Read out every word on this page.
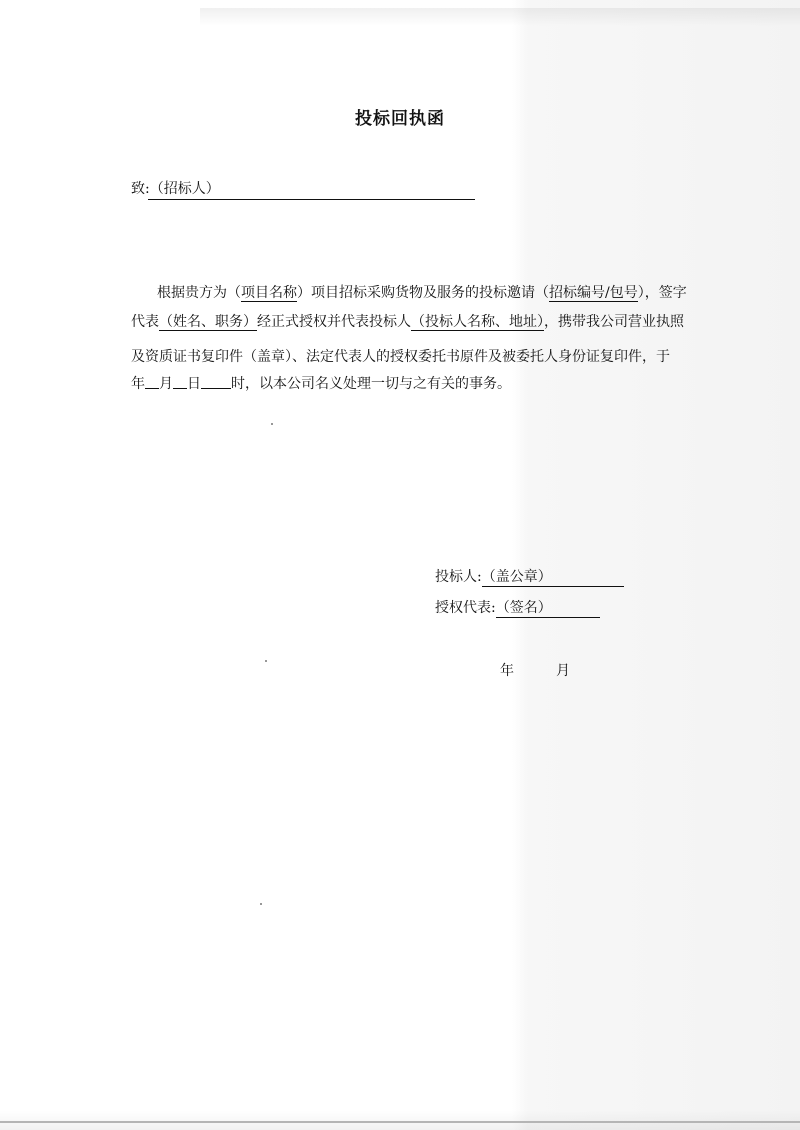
投标回执函
致:（招标人）
根据贵方为（项目名称）项目招标采购货物及服务的投标邀请（招标编号/包号），签字
代表（姓名、职务）经正式授权并代表投标人（投标人名称、地址），携带我公司营业执照
及资质证书复印件（盖章）、法定代表人的授权委托书原件及被委托人身份证复印件，于
年 月 日 时，以本公司名义处理一切与之有关的事务。
投标人:（盖公章）
授权代表:（签名）
年	月
